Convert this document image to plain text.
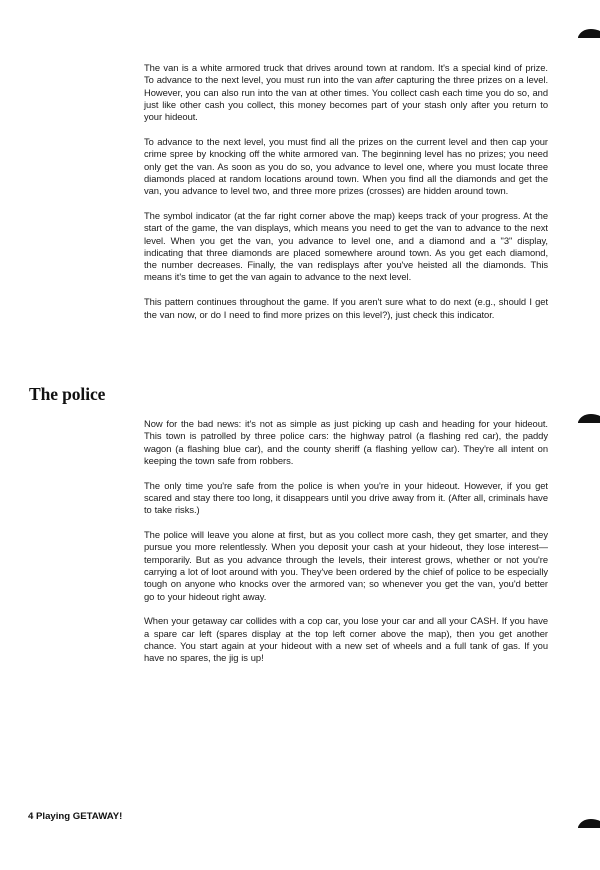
The van is a white armored truck that drives around town at random. It's a special kind of prize. To advance to the next level, you must run into the van after capturing the three prizes on a level. However, you can also run into the van at other times. You collect cash each time you do so, and just like other cash you collect, this money becomes part of your stash only after you return to your hideout.

To advance to the next level, you must find all the prizes on the current level and then cap your crime spree by knocking off the white armored van. The beginning level has no prizes; you need only get the van. As soon as you do so, you advance to level one, where you must locate three diamonds placed at random locations around town. When you find all the diamonds and get the van, you advance to level two, and three more prizes (crosses) are hidden around town.

The symbol indicator (at the far right corner above the map) keeps track of your progress. At the start of the game, the van displays, which means you need to get the van to advance to the next level. When you get the van, you advance to level one, and a diamond and a "3" display, indicating that three diamonds are placed somewhere around town. As you get each diamond, the number decreases. Finally, the van redisplays after you've heisted all the diamonds. This means it's time to get the van again to advance to the next level.

This pattern continues throughout the game. If you aren't sure what to do next (e.g., should I get the van now, or do I need to find more prizes on this level?), just check this indicator.

The police

Now for the bad news: it's not as simple as just picking up cash and heading for your hideout. This town is patrolled by three police cars: the highway patrol (a flashing red car), the paddy wagon (a flashing blue car), and the county sheriff (a flashing yellow car). They're all intent on keeping the town safe from robbers.

The only time you're safe from the police is when you're in your hideout. However, if you get scared and stay there too long, it disappears until you drive away from it. (After all, criminals have to take risks.)

The police will leave you alone at first, but as you collect more cash, they get smarter, and they pursue you more relentlessly. When you deposit your cash at your hideout, they lose interest—temporarily. But as you advance through the levels, their interest grows, whether or not you're carrying a lot of loot around with you. They've been ordered by the chief of police to be especially tough on anyone who knocks over the armored van; so whenever you get the van, you'd better go to your hideout right away.

When your getaway car collides with a cop car, you lose your car and all your CASH. If you have a spare car left (spares display at the top left corner above the map), then you get another chance. You start again at your hideout with a new set of wheels and a full tank of gas. If you have no spares, the jig is up!

4 Playing GETAWAY!
